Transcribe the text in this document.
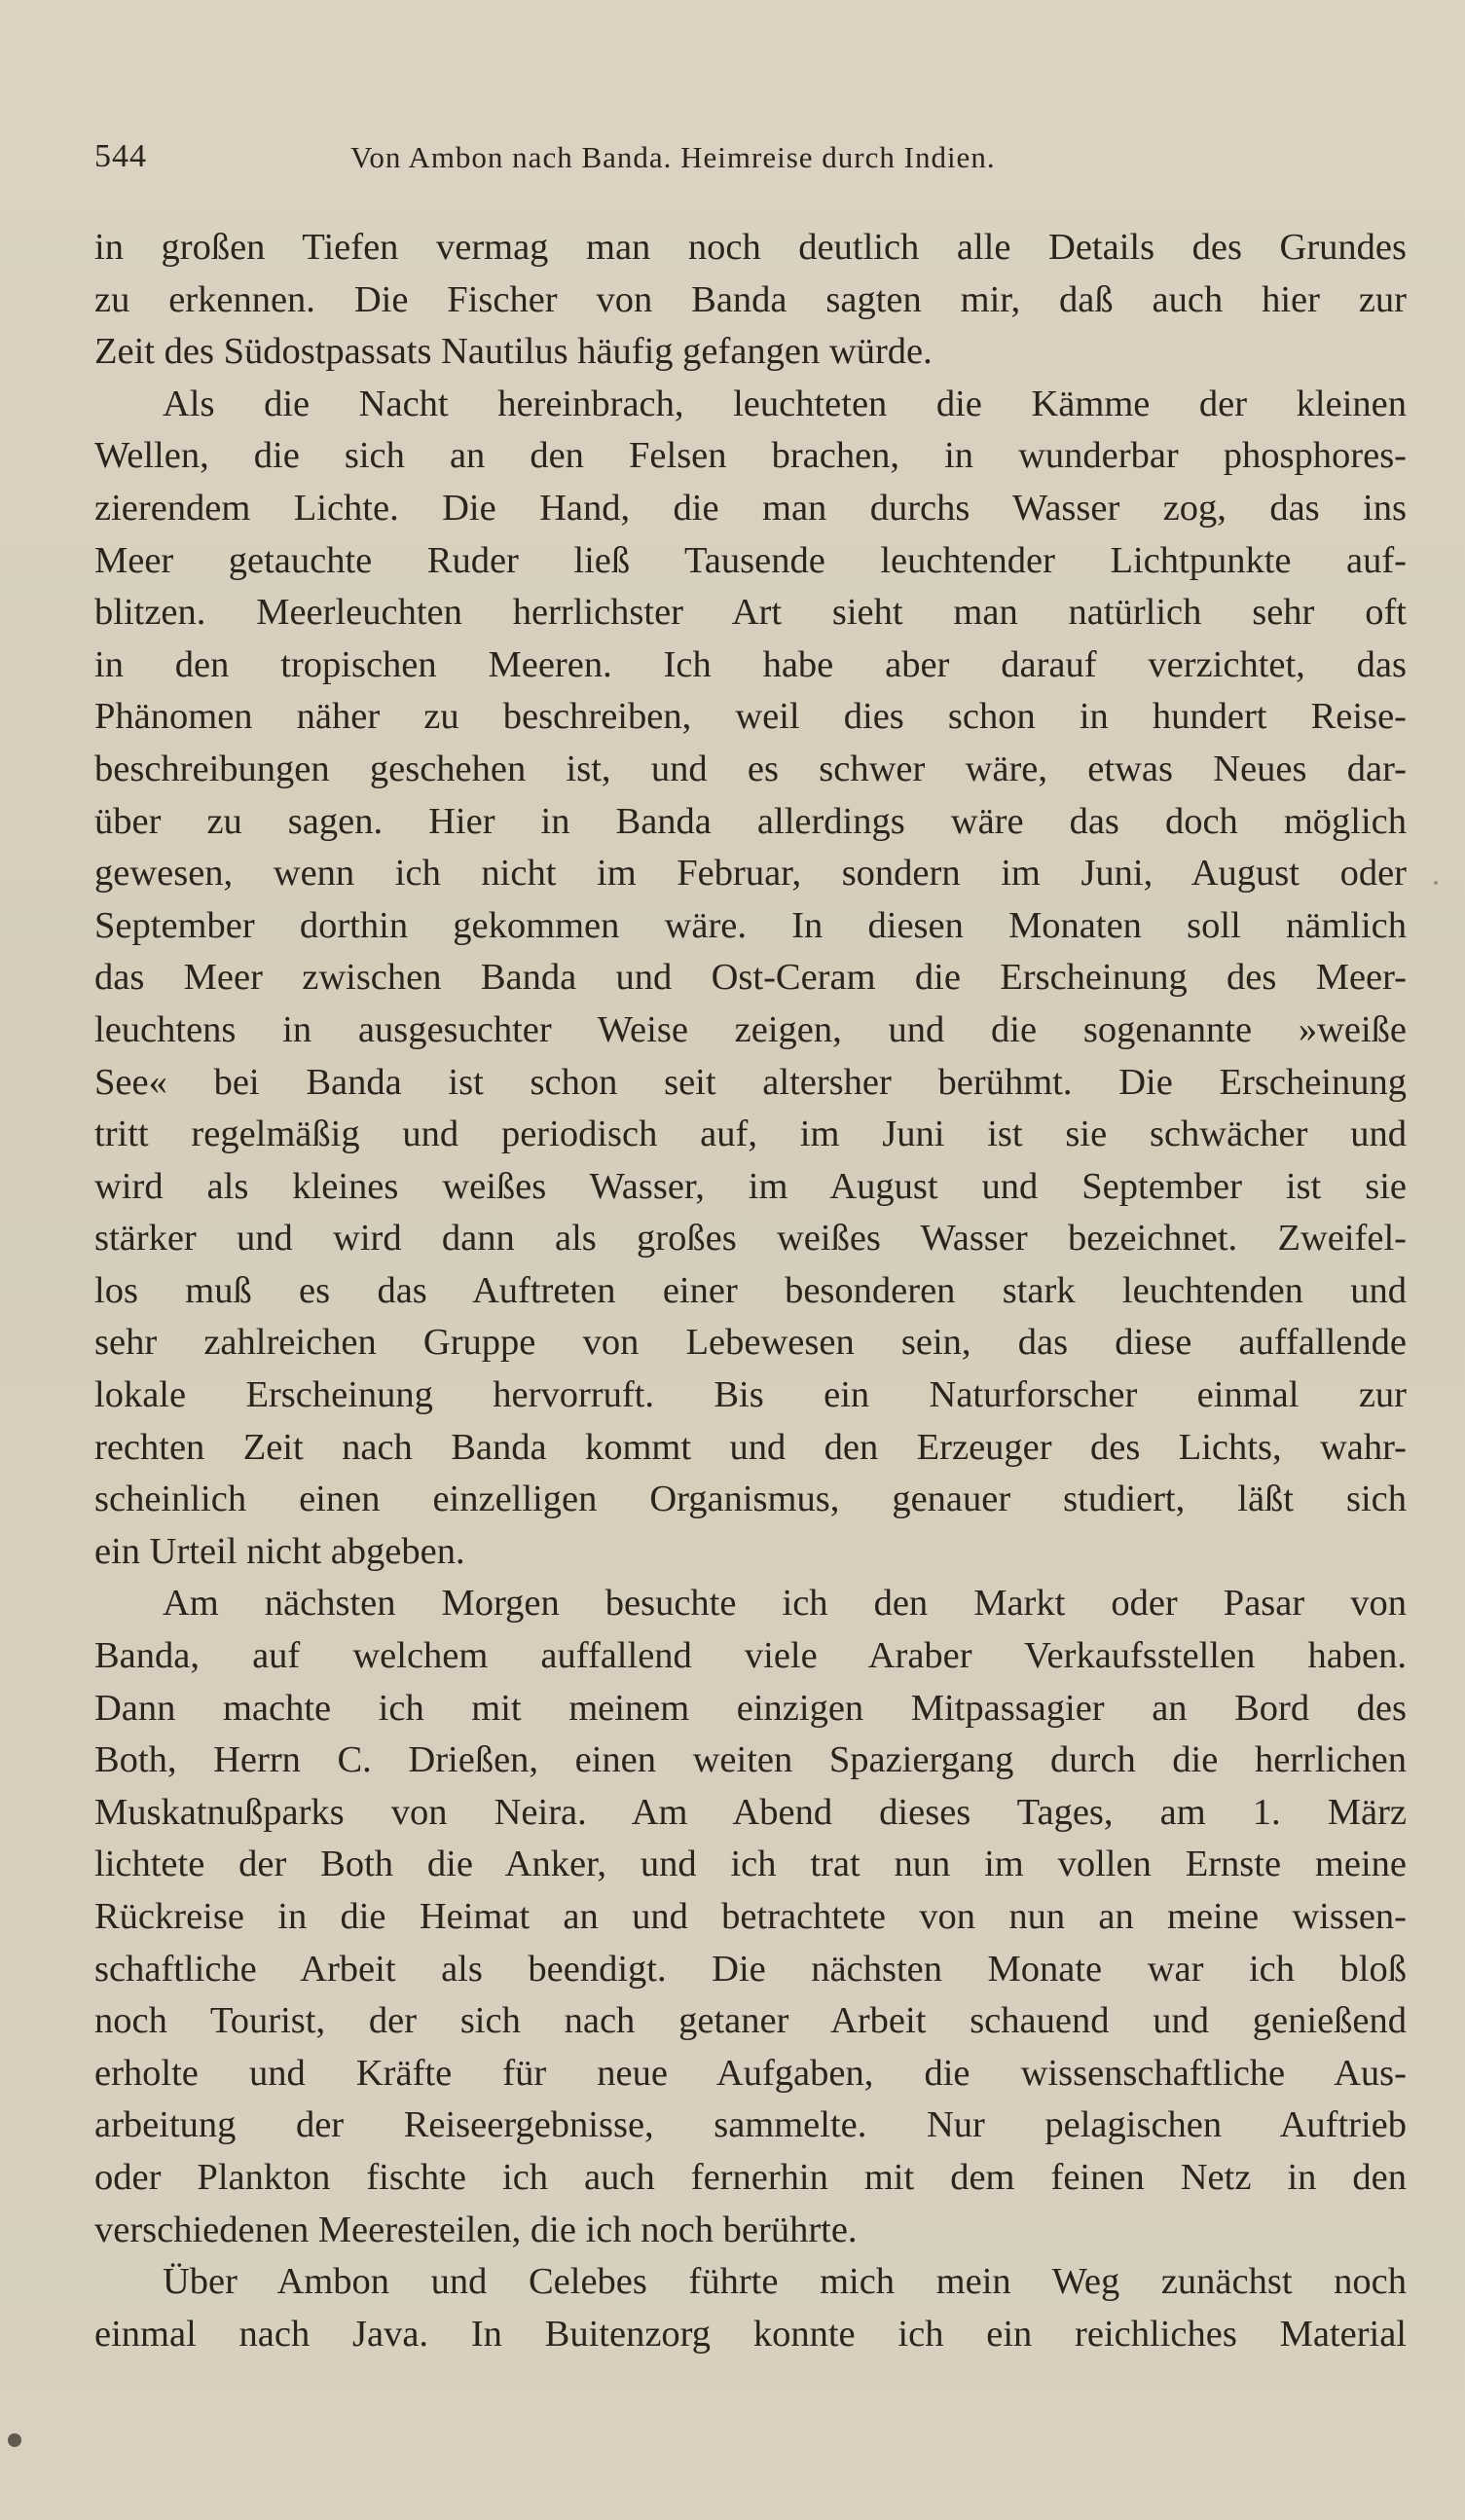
544	Von Ambon nach Banda. Heimreise durch Indien.
in großen Tiefen vermag man noch deutlich alle Details des Grundes
zu erkennen. Die Fischer von Banda sagten mir, daß auch hier zur
Zeit des Südostpassats Nautilus häufig gefangen würde.
Als die Nacht hereinbrach, leuchteten die Kämme der kleinen
Wellen, die sich an den Felsen brachen, in wunderbar phosphores-
zierendem Lichte. Die Hand, die man durchs Wasser zog, das ins
Meer getauchte Ruder ließ Tausende leuchtender Lichtpunkte auf-
blitzen. Meerleuchten herrlichster Art sieht man natürlich sehr oft
in den tropischen Meeren. Ich habe aber darauf verzichtet, das
Phänomen näher zu beschreiben, weil dies schon in hundert Reise-
beschreibungen geschehen ist, und es schwer wäre, etwas Neues dar-
über zu sagen. Hier in Banda allerdings wäre das doch möglich
gewesen, wenn ich nicht im Februar, sondern im Juni, August oder
September dorthin gekommen wäre. In diesen Monaten soll nämlich
das Meer zwischen Banda und Ost-Ceram die Erscheinung des Meer-
leuchtens in ausgesuchter Weise zeigen, und die sogenannte »weiße
See« bei Banda ist schon seit altersher berühmt. Die Erscheinung
tritt regelmäßig und periodisch auf, im Juni ist sie schwächer und
wird als kleines weißes Wasser, im August und September ist sie
stärker und wird dann als großes weißes Wasser bezeichnet. Zweifel-
los muß es das Auftreten einer besonderen stark leuchtenden und
sehr zahlreichen Gruppe von Lebewesen sein, das diese auffallende
lokale Erscheinung hervorruft. Bis ein Naturforscher einmal zur
rechten Zeit nach Banda kommt und den Erzeuger des Lichts, wahr-
scheinlich einen einzelligen Organismus, genauer studiert, läßt sich
ein Urteil nicht abgeben.
Am nächsten Morgen besuchte ich den Markt oder Pasar von
Banda, auf welchem auffallend viele Araber Verkaufsstellen haben.
Dann machte ich mit meinem einzigen Mitpassagier an Bord des
Both, Herrn C. Drießen, einen weiten Spaziergang durch die herrlichen
Muskatnußparks von Neira. Am Abend dieses Tages, am 1. März
lichtete der Both die Anker, und ich trat nun im vollen Ernste meine
Rückreise in die Heimat an und betrachtete von nun an meine wissen-
schaftliche Arbeit als beendigt. Die nächsten Monate war ich bloß
noch Tourist, der sich nach getaner Arbeit schauend und genießend
erholte und Kräfte für neue Aufgaben, die wissenschaftliche Aus-
arbeitung der Reiseergebnisse, sammelte. Nur pelagischen Auftrieb
oder Plankton fischte ich auch fernerhin mit dem feinen Netz in den
verschiedenen Meeresteilen, die ich noch berührte.
Über Ambon und Celebes führte mich mein Weg zunächst noch
einmal nach Java. In Buitenzorg konnte ich ein reichliches Material
